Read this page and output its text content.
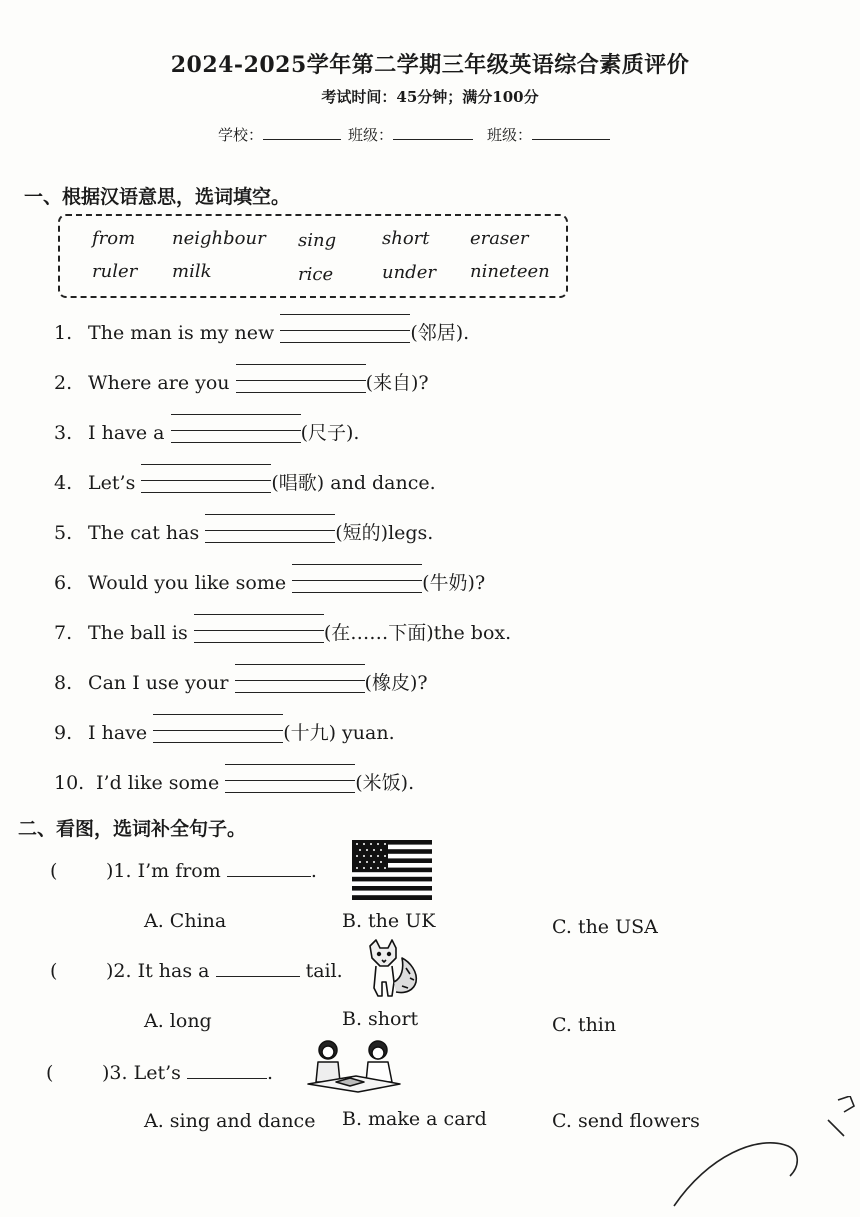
2024-2025学年第二学期三年级英语综合素质评价
考试时间：45分钟；满分100分
学校：	班级：	班级：
一、根据汉语意思，选词填空。
from neighbour sing	short eraser
ruler milk	rice	under nineteen
1. The man is my new	(邻居).
2. Where are you	(来自)?
3. I have a	(尺子).
4. Let’s	(唱歌) and dance.
5. The cat has	(短的)legs.
6. Would you like some	(牛奶)?
7. The ball is	(在……下面)the box.
8. Can I use your	(橡皮)?
9. I have	(十九) yuan.
10. I’d like some	(米饭).
二、看图，选词补全句子。
(	)1. I’m from	.
A. China	B. the UK	C. the USA
(	)2. It has a	tail.
A. long	B. short	C. thin
(	)3. Let’s	.
A. sing and dance B. make a card	C. send flowers
